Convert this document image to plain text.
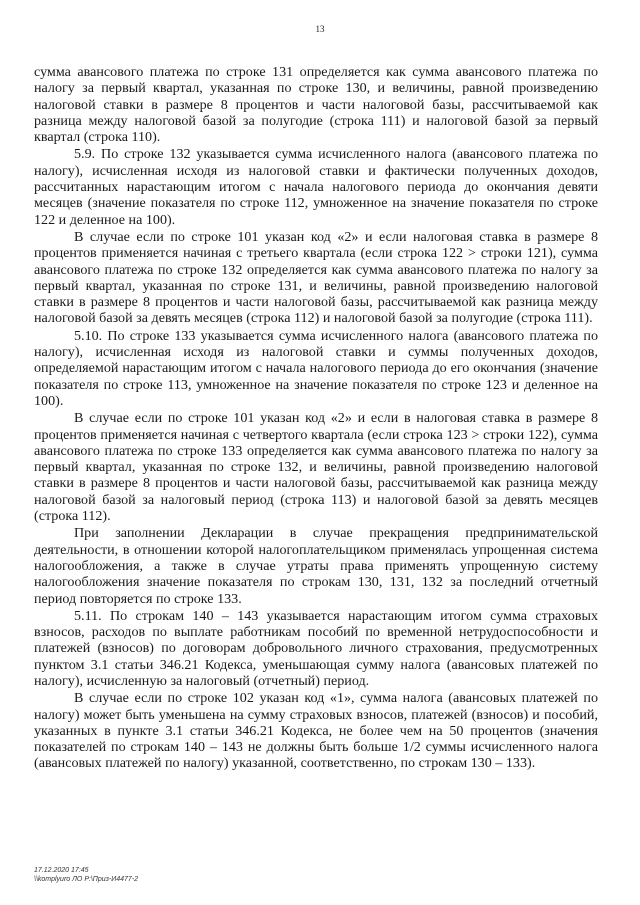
13

сумма авансового платежа по строке 131 определяется как сумма авансового платежа по налогу за первый квартал, указанная по строке 130, и величины, равной произведению налоговой ставки в размере 8 процентов и части налоговой базы, рассчитываемой как разница между налоговой базой за полугодие (строка 111) и налоговой базой за первый квартал (строка 110).

5.9. По строке 132 указывается сумма исчисленного налога (авансового платежа по налогу), исчисленная исходя из налоговой ставки и фактически полученных доходов, рассчитанных нарастающим итогом с начала налогового периода до окончания девяти месяцев (значение показателя по строке 112, умноженное на значение показателя по строке 122 и деленное на 100).

В случае если по строке 101 указан код «2» и если налоговая ставка в размере 8 процентов применяется начиная с третьего квартала (если строка 122 > строки 121), сумма авансового платежа по строке 132 определяется как сумма авансового платежа по налогу за первый квартал, указанная по строке 131, и величины, равной произведению налоговой ставки в размере 8 процентов и части налоговой базы, рассчитываемой как разница между налоговой базой за девять месяцев (строка 112) и налоговой базой за полугодие (строка 111).

5.10. По строке 133 указывается сумма исчисленного налога (авансового платежа по налогу), исчисленная исходя из налоговой ставки и суммы полученных доходов, определяемой нарастающим итогом с начала налогового периода до его окончания (значение показателя по строке 113, умноженное на значение показателя по строке 123 и деленное на 100).

В случае если по строке 101 указан код «2» и если в налоговая ставка в размере 8 процентов применяется начиная с четвертого квартала (если строка 123 > строки 122), сумма авансового платежа по строке 133 определяется как сумма авансового платежа по налогу за первый квартал, указанная по строке 132, и величины, равной произведению налоговой ставки в размере 8 процентов и части налоговой базы, рассчитываемой как разница между налоговой базой за налоговый период (строка 113) и налоговой базой за девять месяцев (строка 112).

При заполнении Декларации в случае прекращения предпринимательской деятельности, в отношении которой налогоплательщиком применялась упрощенная система налогообложения, а также в случае утраты права применять упрощенную систему налогообложения значение показателя по строкам 130, 131, 132 за последний отчетный период повторяется по строке 133.

5.11. По строкам 140 – 143 указывается нарастающим итогом сумма страховых взносов, расходов по выплате работникам пособий по временной нетрудоспособности и платежей (взносов) по договорам добровольного личного страхования, предусмотренных пунктом 3.1 статьи 346.21 Кодекса, уменьшающая сумму налога (авансовых платежей по налогу), исчисленную за налоговый (отчетный) период.

В случае если по строке 102 указан код «1», сумма налога (авансовых платежей по налогу) может быть уменьшена на сумму страховых взносов, платежей (взносов) и пособий, указанных в пункте 3.1 статьи 346.21 Кодекса, не более чем на 50 процентов (значения показателей по строкам 140 – 143 не должны быть больше 1/2 суммы исчисленного налога (авансовых платежей по налогу) указанной, соответственно, по строкам 130 – 133).

17.12.2020 17:45
\\komplyuro ЛО Р:\Приз-И4477-2
